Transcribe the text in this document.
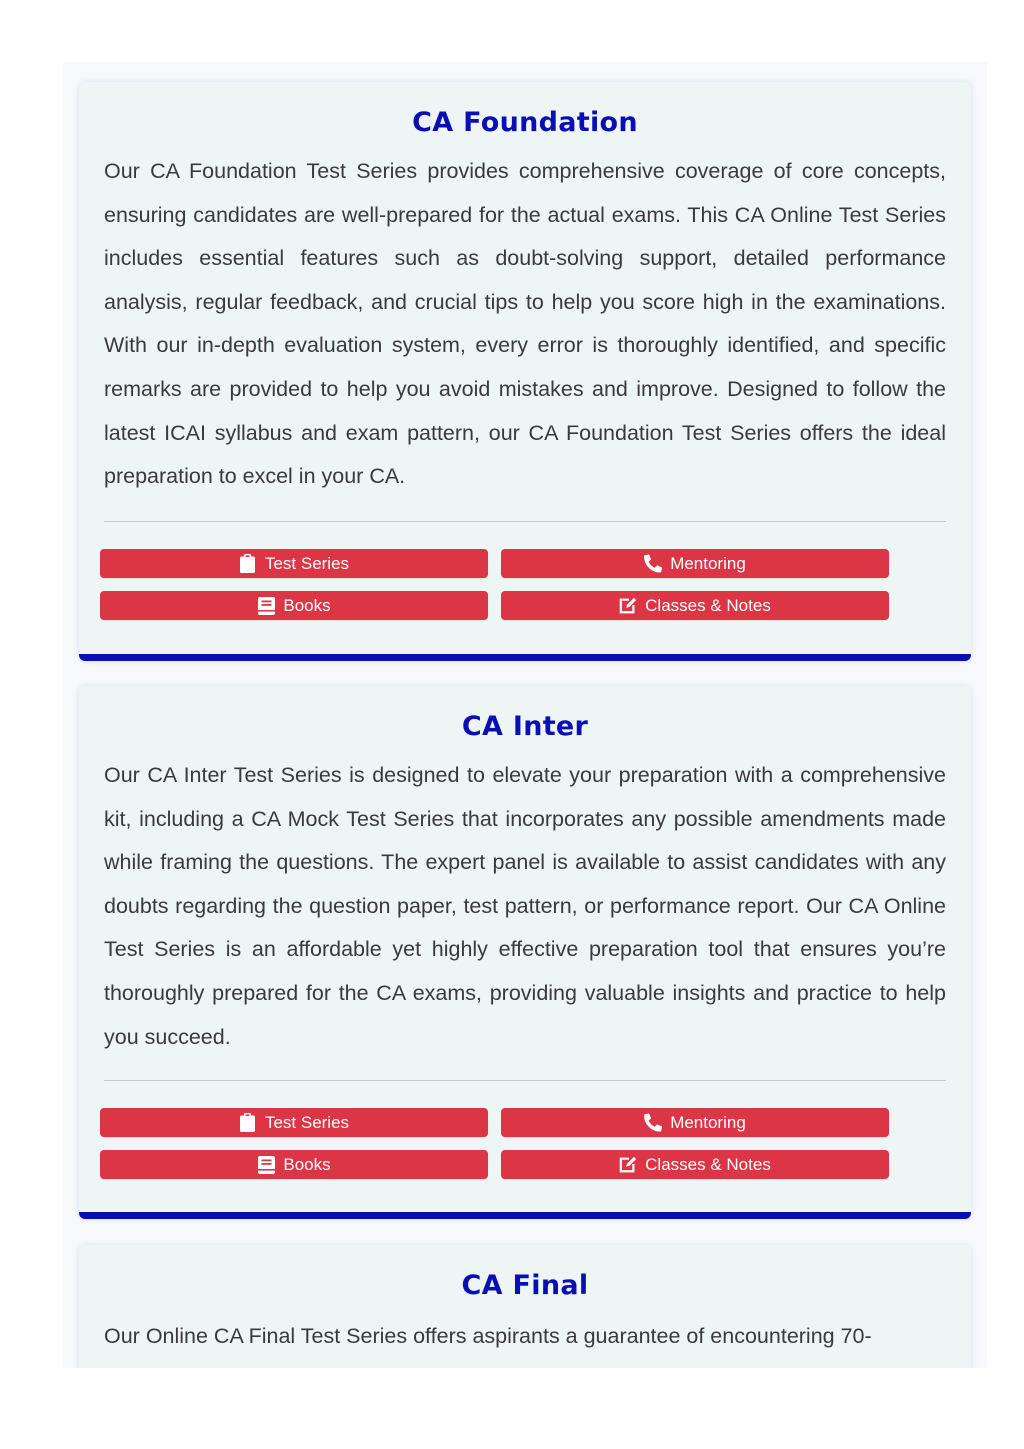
CA Foundation

Our CA Foundation Test Series provides comprehensive coverage of core concepts, ensuring candidates are well-prepared for the actual exams. This CA Online Test Series includes essential features such as doubt-solving support, detailed performance analysis, regular feedback, and crucial tips to help you score high in the examinations. With our in-depth evaluation system, every error is thoroughly identified, and specific remarks are provided to help you avoid mistakes and improve. Designed to follow the latest ICAI syllabus and exam pattern, our CA Foundation Test Series offers the ideal preparation to excel in your CA.

Test Series	Mentoring
Books	Classes & Notes
CA Inter

Our CA Inter Test Series is designed to elevate your preparation with a comprehensive kit, including a CA Mock Test Series that incorporates any possible amendments made while framing the questions. The expert panel is available to assist candidates with any doubts regarding the question paper, test pattern, or performance report. Our CA Online Test Series is an affordable yet highly effective preparation tool that ensures you’re thoroughly prepared for the CA exams, providing valuable insights and practice to help you succeed.

Test Series	Mentoring
Books	Classes & Notes
CA Final

Our Online CA Final Test Series offers aspirants a guarantee of encountering 70-
